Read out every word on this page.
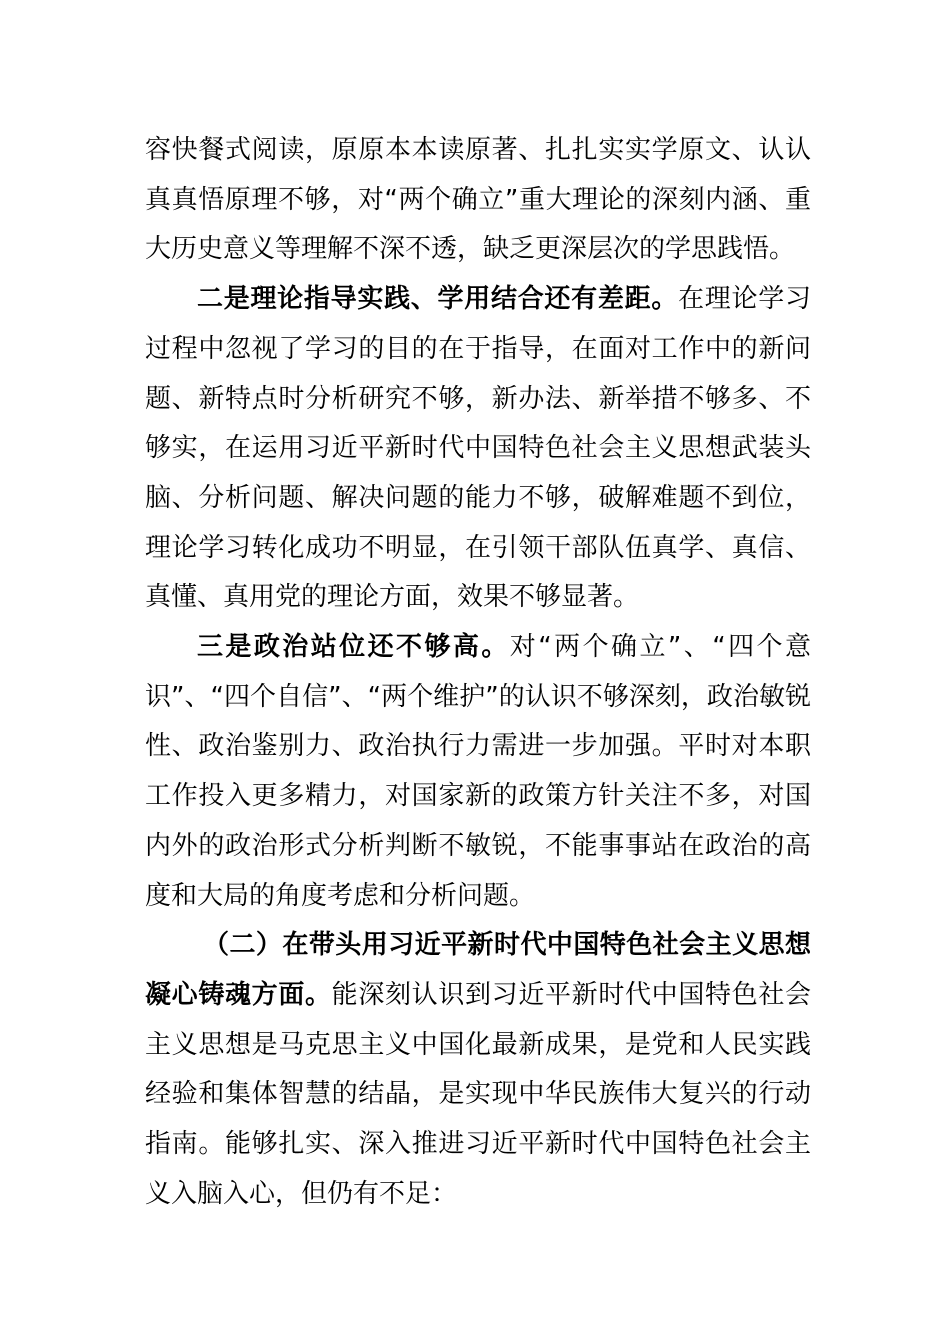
容快餐式阅读，原原本本读原著、扎扎实实学原文、认认真真悟原理不够，对“两个确立”重大理论的深刻内涵、重大历史意义等理解不深不透，缺乏更深层次的学思践悟。

二是理论指导实践、学用结合还有差距。在理论学习过程中忽视了学习的目的在于指导，在面对工作中的新问题、新特点时分析研究不够，新办法、新举措不够多、不够实，在运用习近平新时代中国特色社会主义思想武装头脑、分析问题、解决问题的能力不够，破解难题不到位，理论学习转化成功不明显，在引领干部队伍真学、真信、真懂、真用党的理论方面，效果不够显著。

三是政治站位还不够高。对“两个确立”、“四个意识”、“四个自信”、“两个维护”的认识不够深刻，政治敏锐性、政治鉴别力、政治执行力需进一步加强。平时对本职工作投入更多精力，对国家新的政策方针关注不多，对国内外的政治形式分析判断不敏锐，不能事事站在政治的高度和大局的角度考虑和分析问题。

（二）在带头用习近平新时代中国特色社会主义思想凝心铸魂方面。能深刻认识到习近平新时代中国特色社会主义思想是马克思主义中国化最新成果，是党和人民实践经验和集体智慧的结晶，是实现中华民族伟大复兴的行动指南。能够扎实、深入推进习近平新时代中国特色社会主义入脑入心，但仍有不足：
